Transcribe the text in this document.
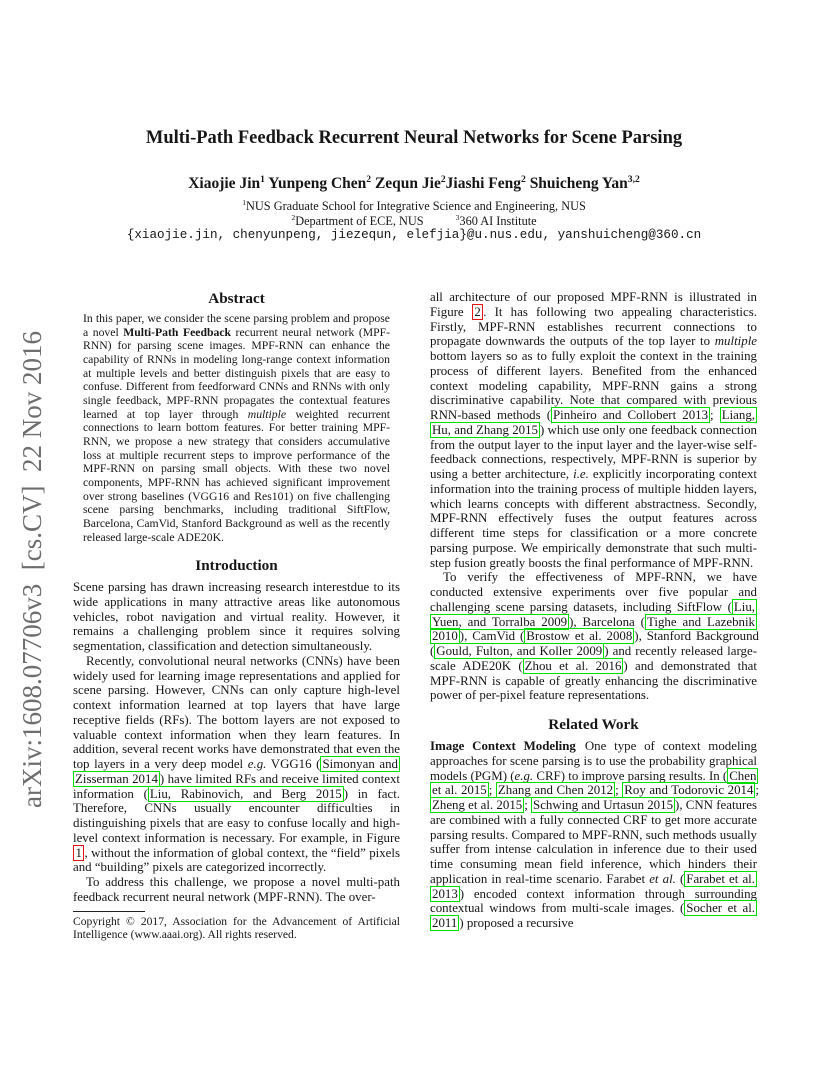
arXiv:1608.07706v3  [cs.CV]  22 Nov 2016
Multi-Path Feedback Recurrent Neural Networks for Scene Parsing
Xiaojie Jin$^1$ Yunpeng Chen$^2$ Zequn Jie$^2$Jiashi Feng$^2$ Shuicheng Yan$^{3,2}$
$^1$NUS Graduate School for Integrative Science and Engineering, NUS
$^2$Department of ECE, NUS	$^3$360 AI Institute
{xiaojie.jin, chenyunpeng, jiezequn, elefjia}@u.nus.edu, yanshuicheng@360.cn
Abstract

In this paper, we consider the scene parsing problem and propose a novel Multi-Path Feedback recurrent neural network (MPF-RNN) for parsing scene images. MPF-RNN can enhance the capability of RNNs in modeling long-range context information at multiple levels and better distinguish pixels that are easy to confuse. Different from feedforward CNNs and RNNs with only single feedback, MPF-RNN propagates the contextual features learned at top layer through multiple weighted recurrent connections to learn bottom features. For better training MPF-RNN, we propose a new strategy that considers accumulative loss at multiple recurrent steps to improve performance of the MPF-RNN on parsing small objects. With these two novel components, MPF-RNN has achieved significant improvement over strong baselines (VGG16 and Res101) on five challenging scene parsing benchmarks, including traditional SiftFlow, Barcelona, CamVid, Stanford Background as well as the recently released large-scale ADE20K.

Introduction

Scene parsing has drawn increasing research interestdue to its wide applications in many attractive areas like autonomous vehicles, robot navigation and virtual reality. However, it remains a challenging problem since it requires solving segmentation, classification and detection simultaneously.

Recently, convolutional neural networks (CNNs) have been widely used for learning image representations and applied for scene parsing. However, CNNs can only capture high-level context information learned at top layers that have large receptive fields (RFs). The bottom layers are not exposed to valuable context information when they learn features. In addition, several recent works have demonstrated that even the top layers in a very deep model e.g. VGG16 ( Simonyan and Zisserman 2014 ) have limited RFs and receive limited context information ( Liu, Rabinovich, and Berg 2015 ) in fact. Therefore, CNNs usually encounter difficulties in distinguishing pixels that are easy to confuse locally and high-level context information is necessary. For example, in Figure 1 , without the information of global context, the “field” pixels and “building” pixels are categorized incorrectly.

To address this challenge, we propose a novel multi-path feedback recurrent neural network (MPF-RNN). The over-

Copyright © 2017, Association for the Advancement of Artificial Intelligence (www.aaai.org). All rights reserved.

all architecture of our proposed MPF-RNN is illustrated in Figure 2 . It has following two appealing characteristics. Firstly, MPF-RNN establishes recurrent connections to propagate downwards the outputs of the top layer to multiple bottom layers so as to fully exploit the context in the training process of different layers. Benefited from the enhanced context modeling capability, MPF-RNN gains a strong discriminative capability. Note that compared with previous RNN-based methods ( Pinheiro and Collobert 2013 ; Liang, Hu, and Zhang 2015 ) which use only one feedback connection from the output layer to the input layer and the layer-wise self-feedback connections, respectively, MPF-RNN is superior by using a better architecture, i.e. explicitly incorporating context information into the training process of multiple hidden layers, which learns concepts with different abstractness. Secondly, MPF-RNN effectively fuses the output features across different time steps for classification or a more concrete parsing purpose. We empirically demonstrate that such multi-step fusion greatly boosts the final performance of MPF-RNN.

To verify the effectiveness of MPF-RNN, we have conducted extensive experiments over five popular and challenging scene parsing datasets, including SiftFlow ( Liu, Yuen, and Torralba 2009 ), Barcelona ( Tighe and Lazebnik 2010 ), CamVid ( Brostow et al. 2008 ), Stanford Background ( Gould, Fulton, and Koller 2009 ) and recently released large-scale ADE20K ( Zhou et al. 2016 ) and demonstrated that MPF-RNN is capable of greatly enhancing the discriminative power of per-pixel feature representations.

Related Work

Image Context Modeling One type of context modeling approaches for scene parsing is to use the probability graphical models (PGM) (e.g. CRF) to improve parsing results. In ( Chen et al. 2015 ; Zhang and Chen 2012 ; Roy and Todorovic 2014 ; Zheng et al. 2015 ; Schwing and Urtasun 2015 ), CNN features are combined with a fully connected CRF to get more accurate parsing results. Compared to MPF-RNN, such methods usually suffer from intense calculation in inference due to their used time consuming mean field inference, which hinders their application in real-time scenario. Farabet et al. ( Farabet et al. 2013 ) encoded context information through surrounding contextual windows from multi-scale images. ( Socher et al. 2011 ) proposed a recursive
